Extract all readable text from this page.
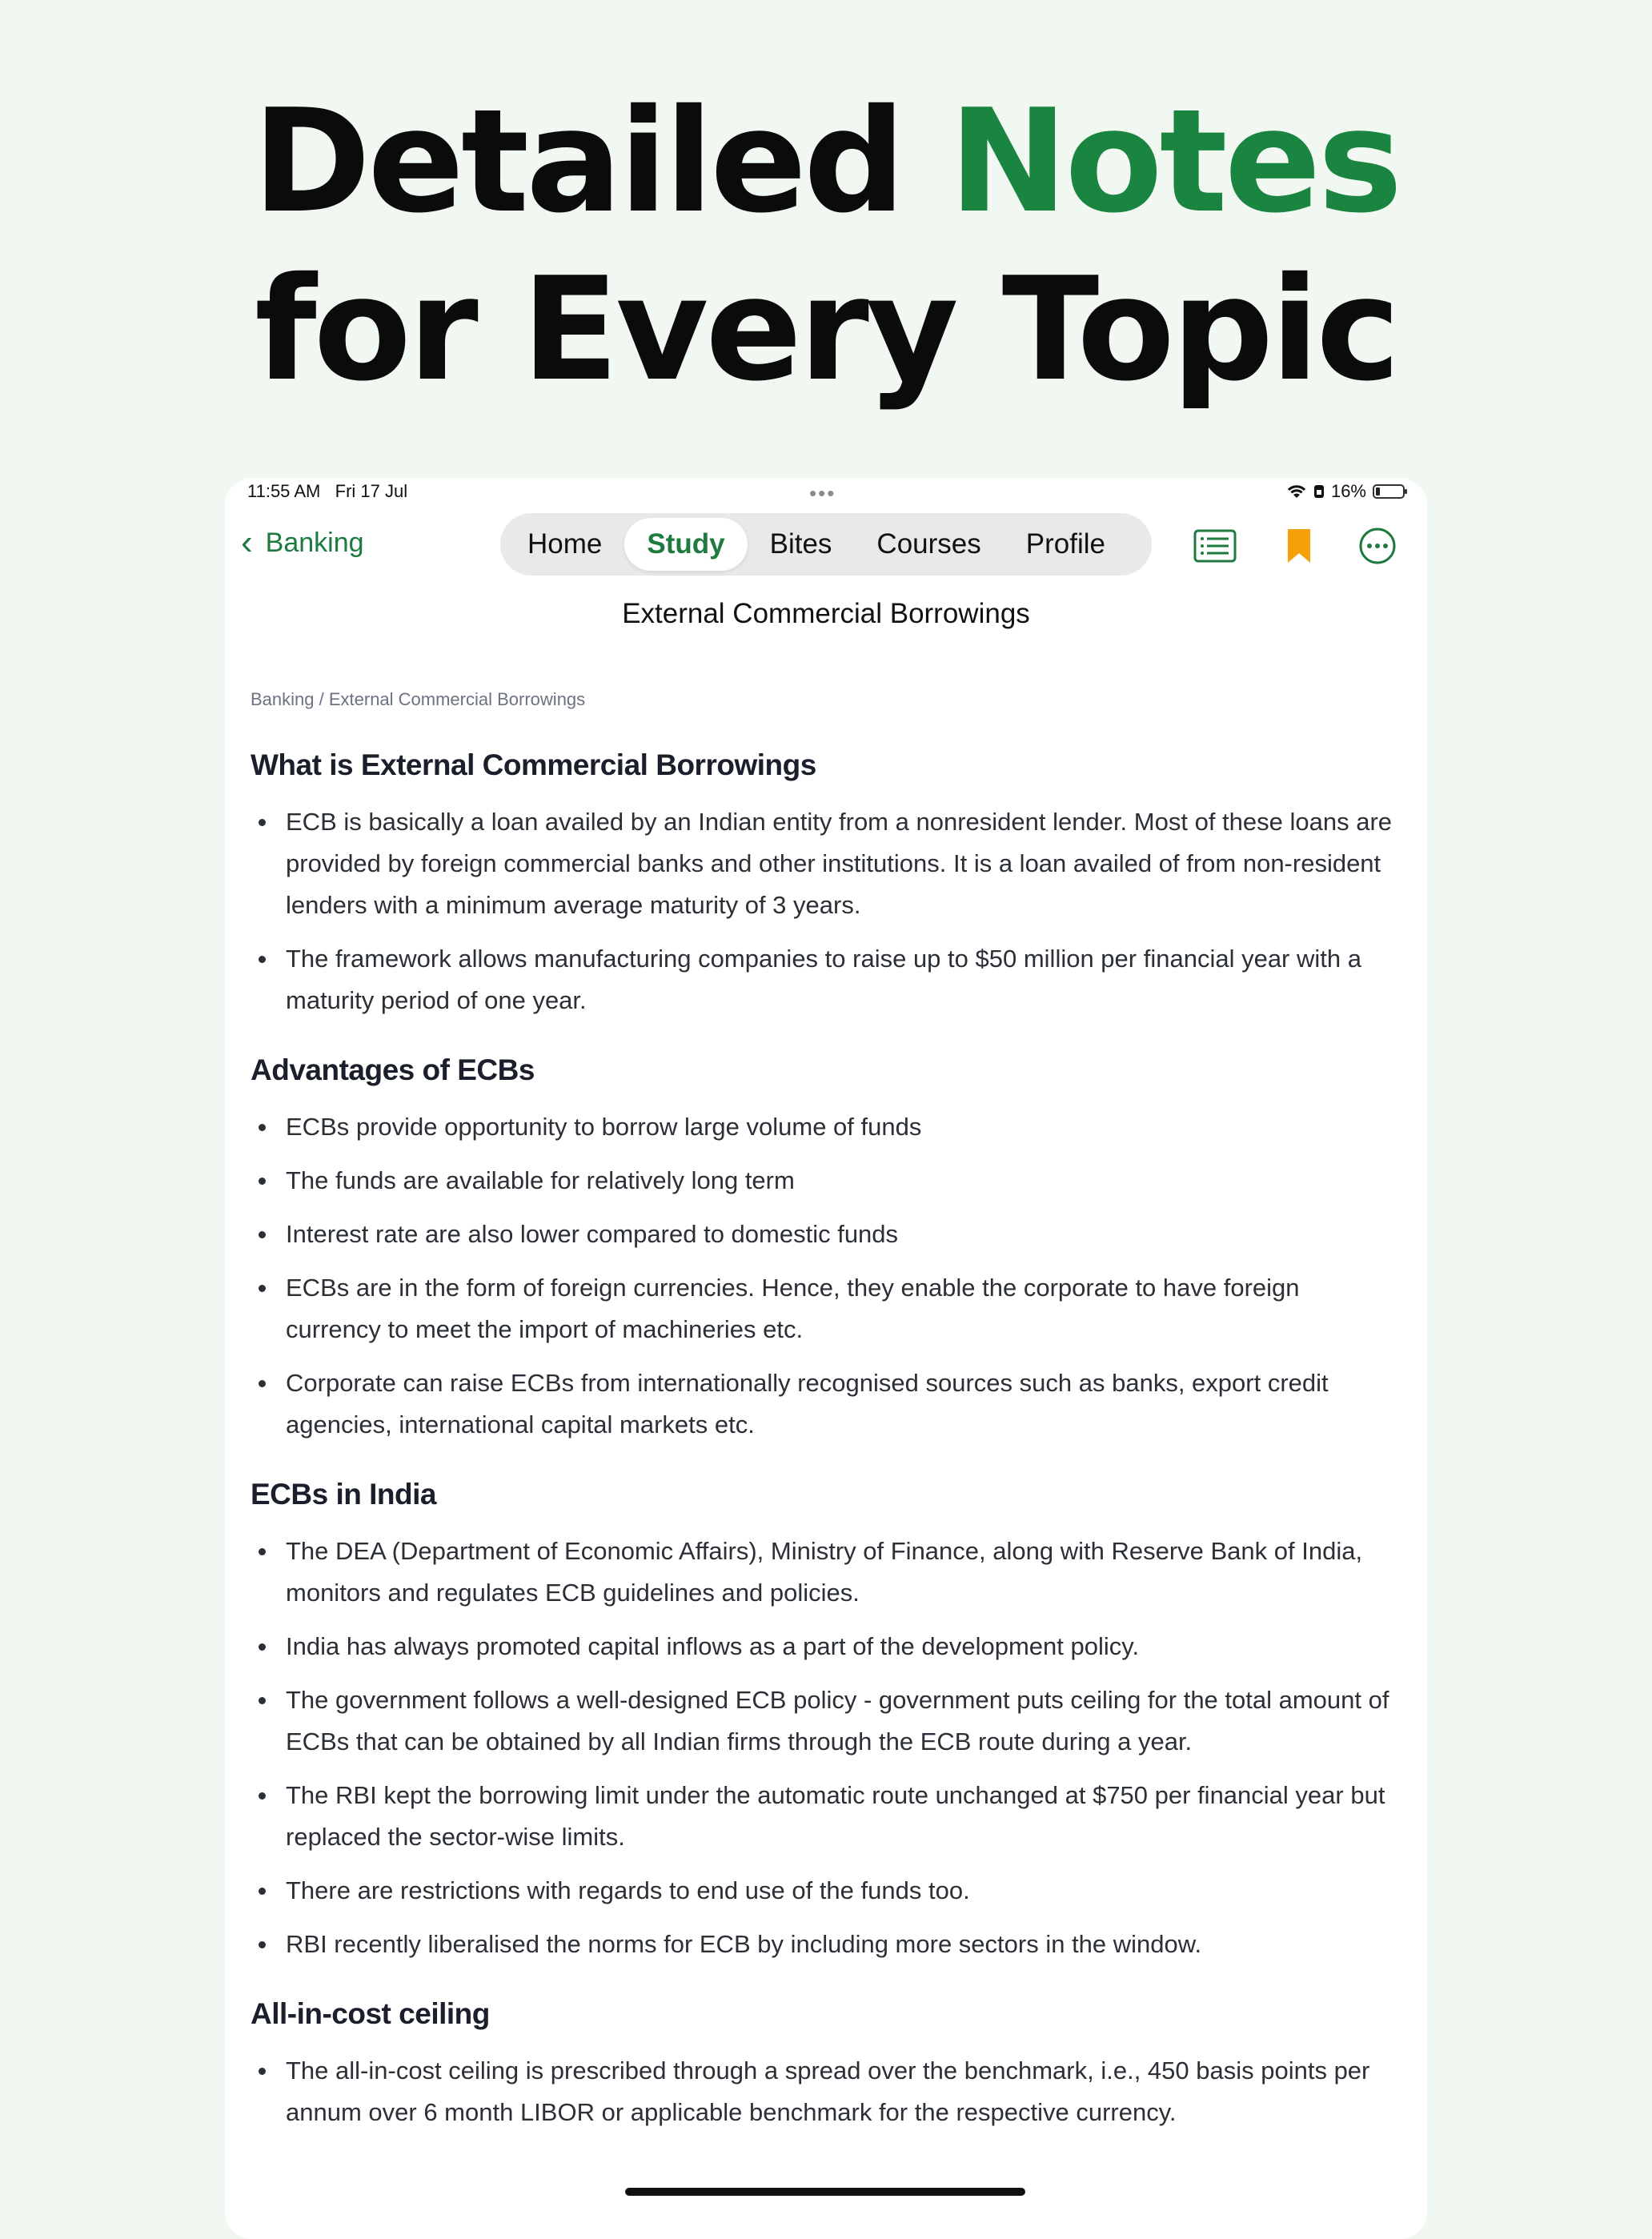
Detailed Notes
for Every Topic
11:55 AM Fri 17 Jul	•••	16%
‹ Banking	Home	Study	Bites	Courses	Profile
External Commercial Borrowings
Banking / External Commercial Borrowings
What is External Commercial Borrowings
ECB is basically a loan availed by an Indian entity from a nonresident lender. Most of these loans are provided by foreign commercial banks and other institutions. It is a loan availed of from non-resident lenders with a minimum average maturity of 3 years.
The framework allows manufacturing companies to raise up to $50 million per financial year with a maturity period of one year.
Advantages of ECBs
ECBs provide opportunity to borrow large volume of funds
The funds are available for relatively long term
Interest rate are also lower compared to domestic funds
ECBs are in the form of foreign currencies. Hence, they enable the corporate to have foreign currency to meet the import of machineries etc.
Corporate can raise ECBs from internationally recognised sources such as banks, export credit agencies, international capital markets etc.
ECBs in India
The DEA (Department of Economic Affairs), Ministry of Finance, along with Reserve Bank of India, monitors and regulates ECB guidelines and policies.
India has always promoted capital inflows as a part of the development policy.
The government follows a well-designed ECB policy - government puts ceiling for the total amount of ECBs that can be obtained by all Indian firms through the ECB route during a year.
The RBI kept the borrowing limit under the automatic route unchanged at $750 per financial year but replaced the sector-wise limits.
There are restrictions with regards to end use of the funds too.
RBI recently liberalised the norms for ECB by including more sectors in the window.
All-in-cost ceiling
The all-in-cost ceiling is prescribed through a spread over the benchmark, i.e., 450 basis points per annum over 6 month LIBOR or applicable benchmark for the respective currency.
